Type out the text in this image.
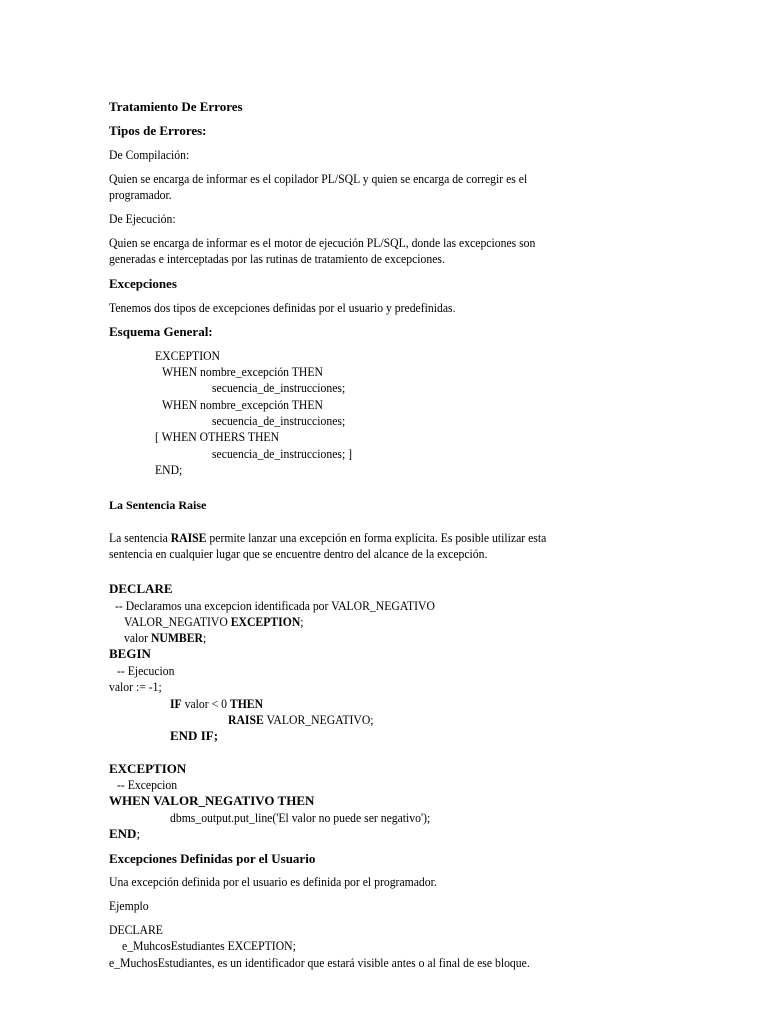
Tratamiento De Errores
Tipos de Errores:
De Compilación:
Quien se encarga de informar es el copilador PL/SQL y quien se encarga de corregir es el
programador.
De Ejecución:
Quien se encarga de informar es el motor de ejecución PL/SQL, donde las excepciones son
generadas e interceptadas por las rutinas de tratamiento de excepciones.
Excepciones
Tenemos dos tipos de excepciones definidas por el usuario y predefinidas.
Esquema General:
EXCEPTION
WHEN nombre_excepción THEN
secuencia_de_instrucciones;
WHEN nombre_excepción THEN
secuencia_de_instrucciones;
[ WHEN OTHERS THEN
secuencia_de_instrucciones; ]
END;
La Sentencia Raise
La sentencia RAISE permite lanzar una excepción en forma explícita. Es posible utilizar esta
sentencia en cualquier lugar que se encuentre dentro del alcance de la excepción.
DECLARE
-- Declaramos una excepcion identificada por VALOR_NEGATIVO
VALOR_NEGATIVO EXCEPTION;
valor NUMBER;
BEGIN
-- Ejecucion
valor := -1;
IF valor < 0 THEN
RAISE VALOR_NEGATIVO;
END IF;
EXCEPTION
-- Excepcion
WHEN VALOR_NEGATIVO THEN
dbms_output.put_line('El valor no puede ser negativo');
END;
Excepciones Definidas por el Usuario
Una excepción definida por el usuario es definida por el programador.
Ejemplo
DECLARE
e_MuhcosEstudiantes EXCEPTION;
e_MuchosEstudiantes, es un identificador que estará visible antes o al final de ese bloque.
